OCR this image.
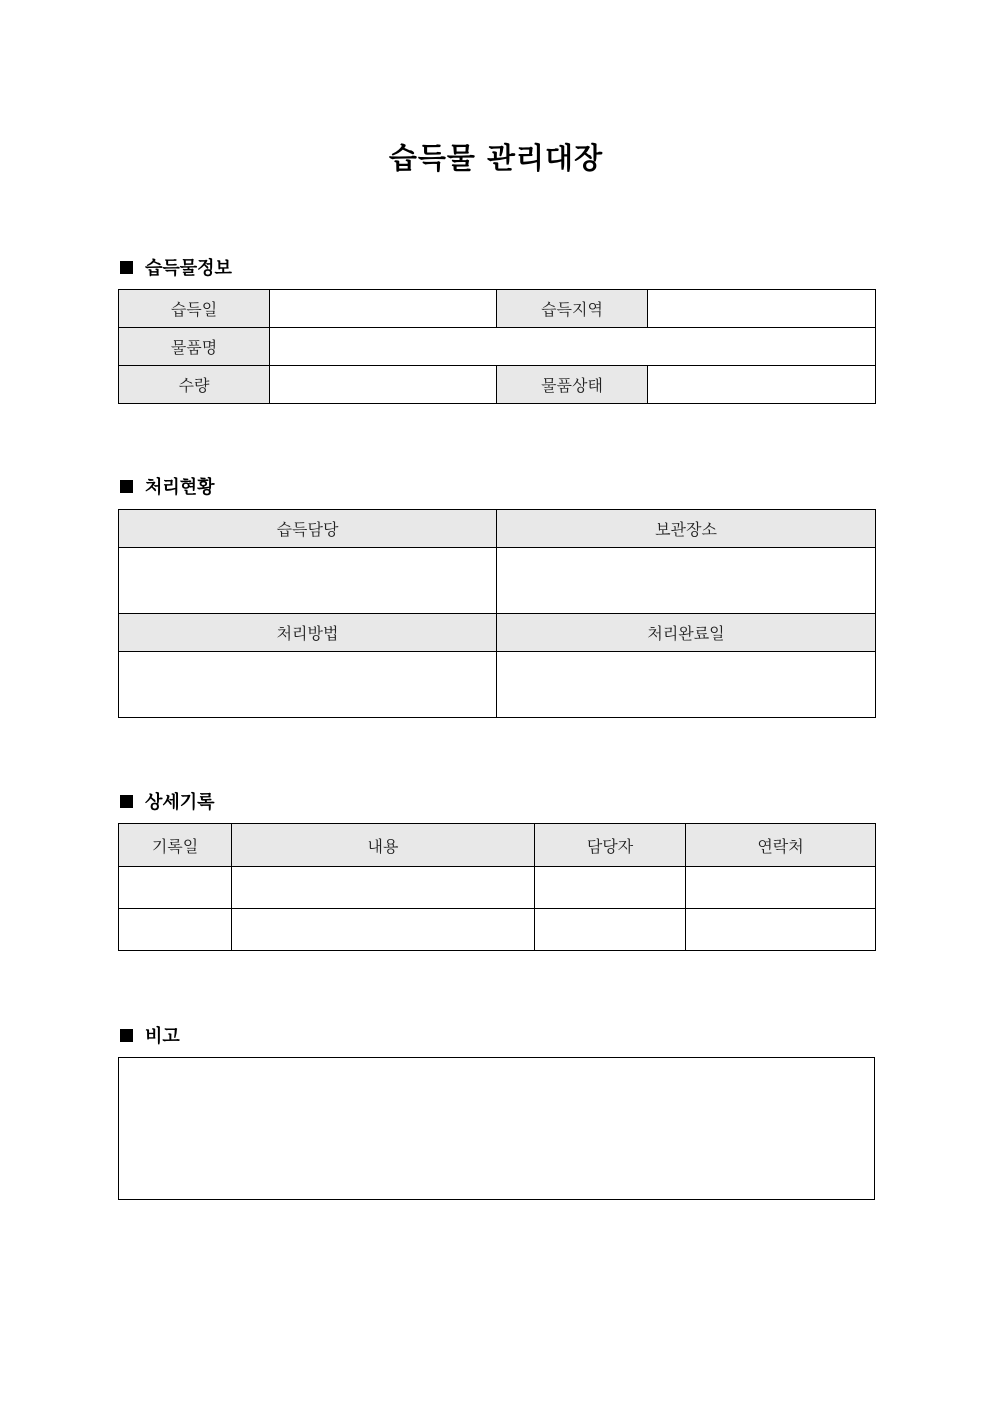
습득물 관리대장
습득물정보
습득일		습득지역	
물품명			
수량		물품상태	
처리현황
습득담당	보관장소

처리방법	처리완료일

상세기록
기록일	내용	담당자	연락처

비고
